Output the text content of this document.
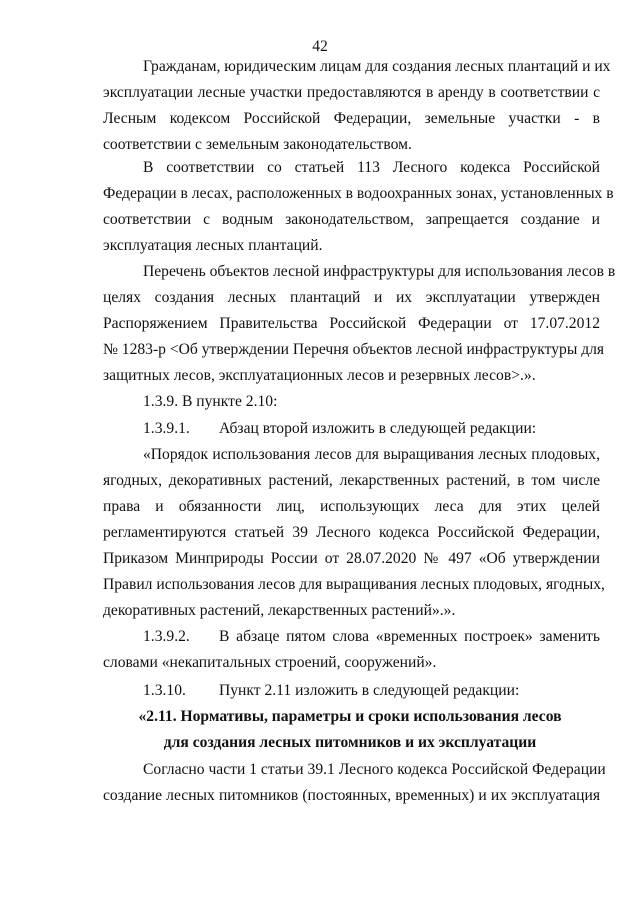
42
Гражданам, юридическим лицам для создания лесных плантаций и их
эксплуатации лесные участки предоставляются в аренду в соответствии с
Лесным кодексом Российской Федерации, земельные участки - в
соответствии с земельным законодательством.
В соответствии со статьей 113 Лесного кодекса Российской
Федерации в лесах, расположенных в водоохранных зонах, установленных в
соответствии с водным законодательством, запрещается создание и
эксплуатация лесных плантаций.
Перечень объектов лесной инфраструктуры для использования лесов в
целях создания лесных плантаций и их эксплуатации утвержден
Распоряжением Правительства Российской Федерации от 17.07.2012
№ 1283-р <Об утверждении Перечня объектов лесной инфраструктуры для
защитных лесов, эксплуатационных лесов и резервных лесов>.».
1.3.9. В пункте 2.10:
1.3.9.1. Абзац второй изложить в следующей редакции:
«Порядок использования лесов для выращивания лесных плодовых,
ягодных, декоративных растений, лекарственных растений, в том числе
права и обязанности лиц, использующих леса для этих целей
регламентируются статьей 39 Лесного кодекса Российской Федерации,
Приказом Минприроды России от 28.07.2020 № 497 «Об утверждении
Правил использования лесов для выращивания лесных плодовых, ягодных,
декоративных растений, лекарственных растений».».
1.3.9.2.	В абзаце пятом слова «временных построек» заменить
словами «некапитальных строений, сооружений».
1.3.10. Пункт 2.11 изложить в следующей редакции:
«2.11. Нормативы, параметры и сроки использования лесов
для создания лесных питомников и их эксплуатации
Согласно части 1 статьи 39.1 Лесного кодекса Российской Федерации
создание лесных питомников (постоянных, временных) и их эксплуатация
